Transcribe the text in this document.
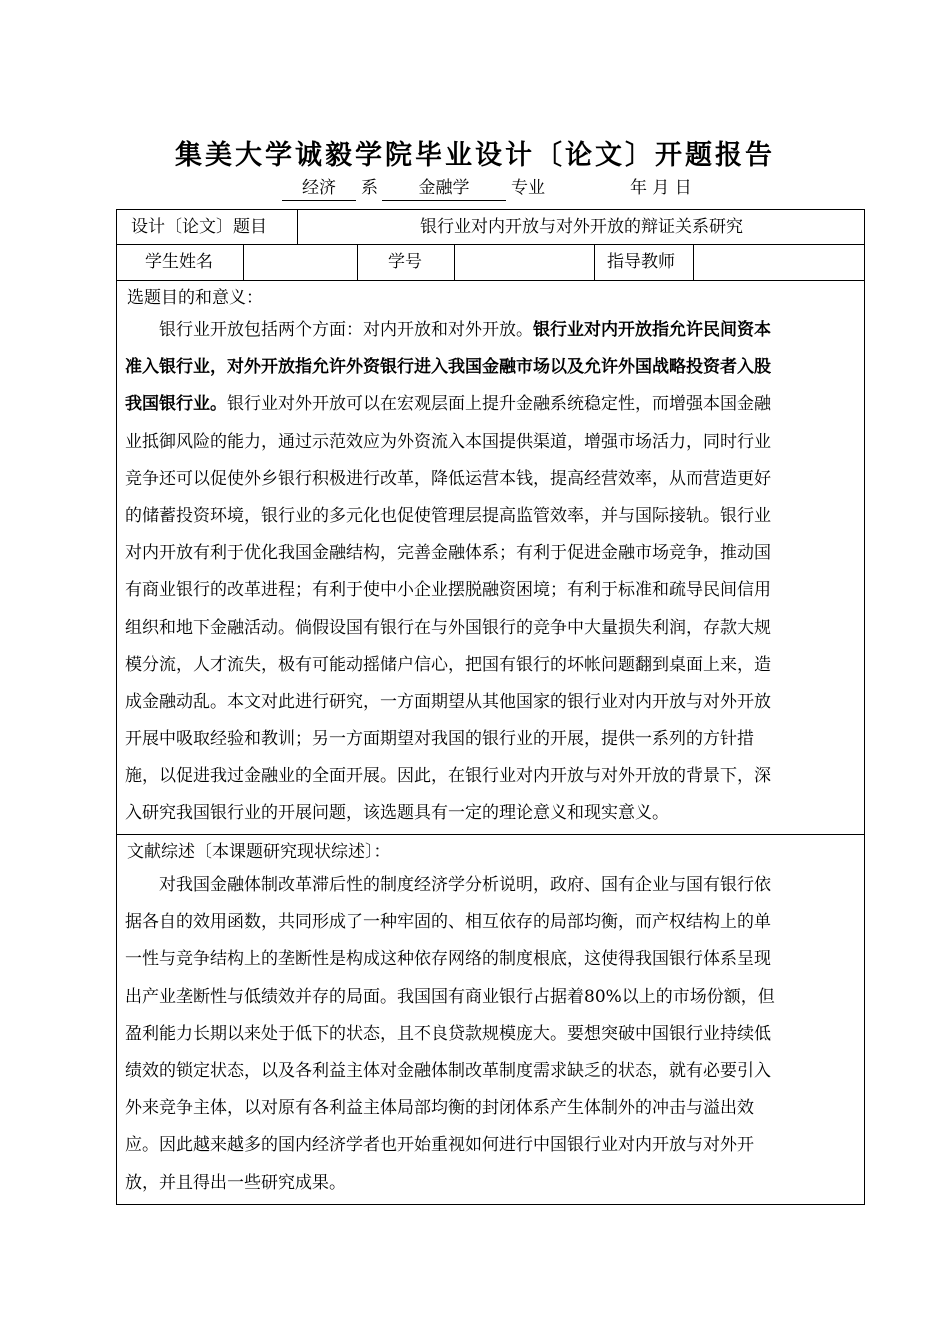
集美大学诚毅学院毕业设计〔论文〕开题报告
经济	系	金融学	专业	年 月 日
设计〔论文〕题目	银行业对内开放与对外开放的辩证关系研究
学生姓名	学号	指导教师
选题目的和意义：
　　银行业开放包括两个方面：对内开放和对外开放。银行业对内开放指允许民间资本
准入银行业，对外开放指允许外资银行进入我国金融市场以及允许外国战略投资者入股
我国银行业。银行业对外开放可以在宏观层面上提升金融系统稳定性，而增强本国金融
业抵御风险的能力，通过示范效应为外资流入本国提供渠道，增强市场活力，同时行业
竞争还可以促使外乡银行积极进行改革，降低运营本钱，提高经营效率，从而营造更好
的储蓄投资环境，银行业的多元化也促使管理层提高监管效率，并与国际接轨。银行业
对内开放有利于优化我国金融结构，完善金融体系；有利于促进金融市场竞争，推动国
有商业银行的改革进程；有利于使中小企业摆脱融资困境；有利于标准和疏导民间信用
组织和地下金融活动。倘假设国有银行在与外国银行的竞争中大量损失利润，存款大规
模分流，人才流失，极有可能动摇储户信心，把国有银行的坏帐问题翻到桌面上来，造
成金融动乱。本文对此进行研究，一方面期望从其他国家的银行业对内开放与对外开放
开展中吸取经验和教训；另一方面期望对我国的银行业的开展，提供一系列的方针措
施，以促进我过金融业的全面开展。因此，在银行业对内开放与对外开放的背景下，深
入研究我国银行业的开展问题，该选题具有一定的理论意义和现实意义。
文献综述〔本课题研究现状综述〕：
　　对我国金融体制改革滞后性的制度经济学分析说明，政府、国有企业与国有银行依
据各自的效用函数，共同形成了一种牢固的、相互依存的局部均衡，而产权结构上的单
一性与竞争结构上的垄断性是构成这种依存网络的制度根底，这使得我国银行体系呈现
出产业垄断性与低绩效并存的局面。我国国有商业银行占据着80%以上的市场份额，但
盈利能力长期以来处于低下的状态，且不良贷款规模庞大。要想突破中国银行业持续低
绩效的锁定状态，以及各利益主体对金融体制改革制度需求缺乏的状态，就有必要引入
外来竞争主体，以对原有各利益主体局部均衡的封闭体系产生体制外的冲击与溢出效
应。因此越来越多的国内经济学者也开始重视如何进行中国银行业对内开放与对外开
放，并且得出一些研究成果。
